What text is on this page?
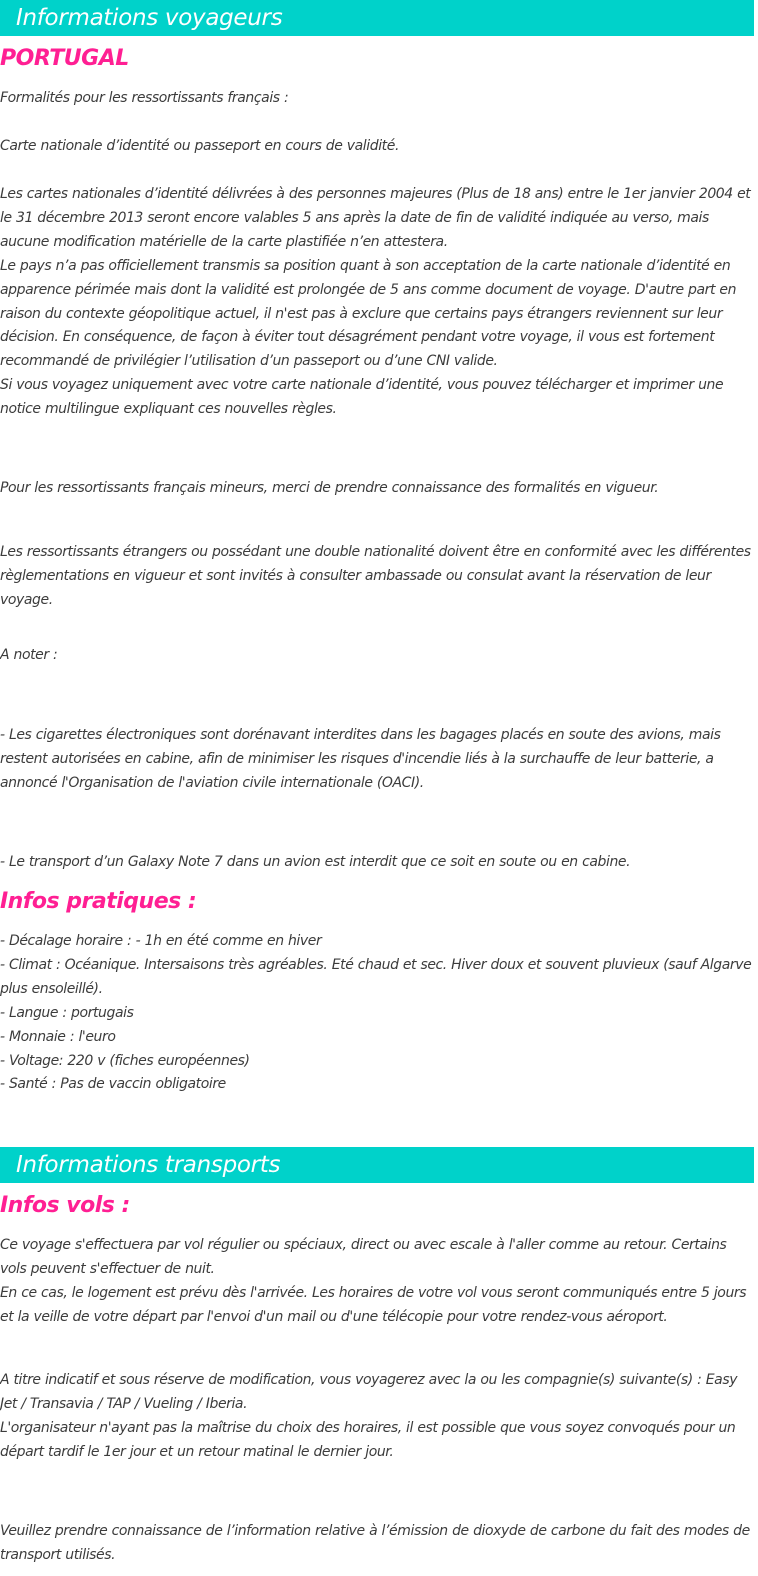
Informations voyageurs
PORTUGAL

Formalités pour les ressortissants français :

Carte nationale d’identité ou passeport en cours de validité.

Les cartes nationales d’identité délivrées à des personnes majeures (Plus de 18 ans) entre le 1er janvier 2004 et le 31 décembre 2013 seront encore valables 5 ans après la date de fin de validité indiquée au verso, mais aucune modification matérielle de la carte plastifiée n’en attestera.
Le pays n’a pas officiellement transmis sa position quant à son acceptation de la carte nationale d’identité en apparence périmée mais dont la validité est prolongée de 5 ans comme document de voyage. D'autre part en raison du contexte géopolitique actuel, il n'est pas à exclure que certains pays étrangers reviennent sur leur décision. En conséquence, de façon à éviter tout désagrément pendant votre voyage, il vous est fortement recommandé de privilégier l’utilisation d’un passeport ou d’une CNI valide.
Si vous voyagez uniquement avec votre carte nationale d’identité, vous pouvez télécharger et imprimer une notice multilingue expliquant ces nouvelles règles.

Pour les ressortissants français mineurs, merci de prendre connaissance des formalités en vigueur.

Les ressortissants étrangers ou possédant une double nationalité doivent être en conformité avec les différentes règlementations en vigueur et sont invités à consulter ambassade ou consulat avant la réservation de leur voyage.

A noter :

- Les cigarettes électroniques sont dorénavant interdites dans les bagages placés en soute des avions, mais restent autorisées en cabine, afin de minimiser les risques d'incendie liés à la surchauffe de leur batterie, a annoncé l'Organisation de l'aviation civile internationale (OACI).

- Le transport d’un Galaxy Note 7 dans un avion est interdit que ce soit en soute ou en cabine.

Infos pratiques :

- Décalage horaire : - 1h en été comme en hiver
- Climat : Océanique. Intersaisons très agréables. Eté chaud et sec. Hiver doux et souvent pluvieux (sauf Algarve plus ensoleillé).
- Langue : portugais
- Monnaie : l'euro
- Voltage: 220 v (fiches européennes)
- Santé : Pas de vaccin obligatoire

Informations transports
Infos vols :

Ce voyage s'effectuera par vol régulier ou spéciaux, direct ou avec escale à l'aller comme au retour. Certains vols peuvent s'effectuer de nuit.
En ce cas, le logement est prévu dès l'arrivée. Les horaires de votre vol vous seront communiqués entre 5 jours et la veille de votre départ par l'envoi d'un mail ou d'une télécopie pour votre rendez-vous aéroport.

A titre indicatif et sous réserve de modification, vous voyagerez avec la ou les compagnie(s) suivante(s) : Easy Jet / Transavia / TAP / Vueling / Iberia.
L'organisateur n'ayant pas la maîtrise du choix des horaires, il est possible que vous soyez convoqués pour un départ tardif le 1er jour et un retour matinal le dernier jour.

Veuillez prendre connaissance de l’information relative à l’émission de dioxyde de carbone du fait des modes de transport utilisés.
